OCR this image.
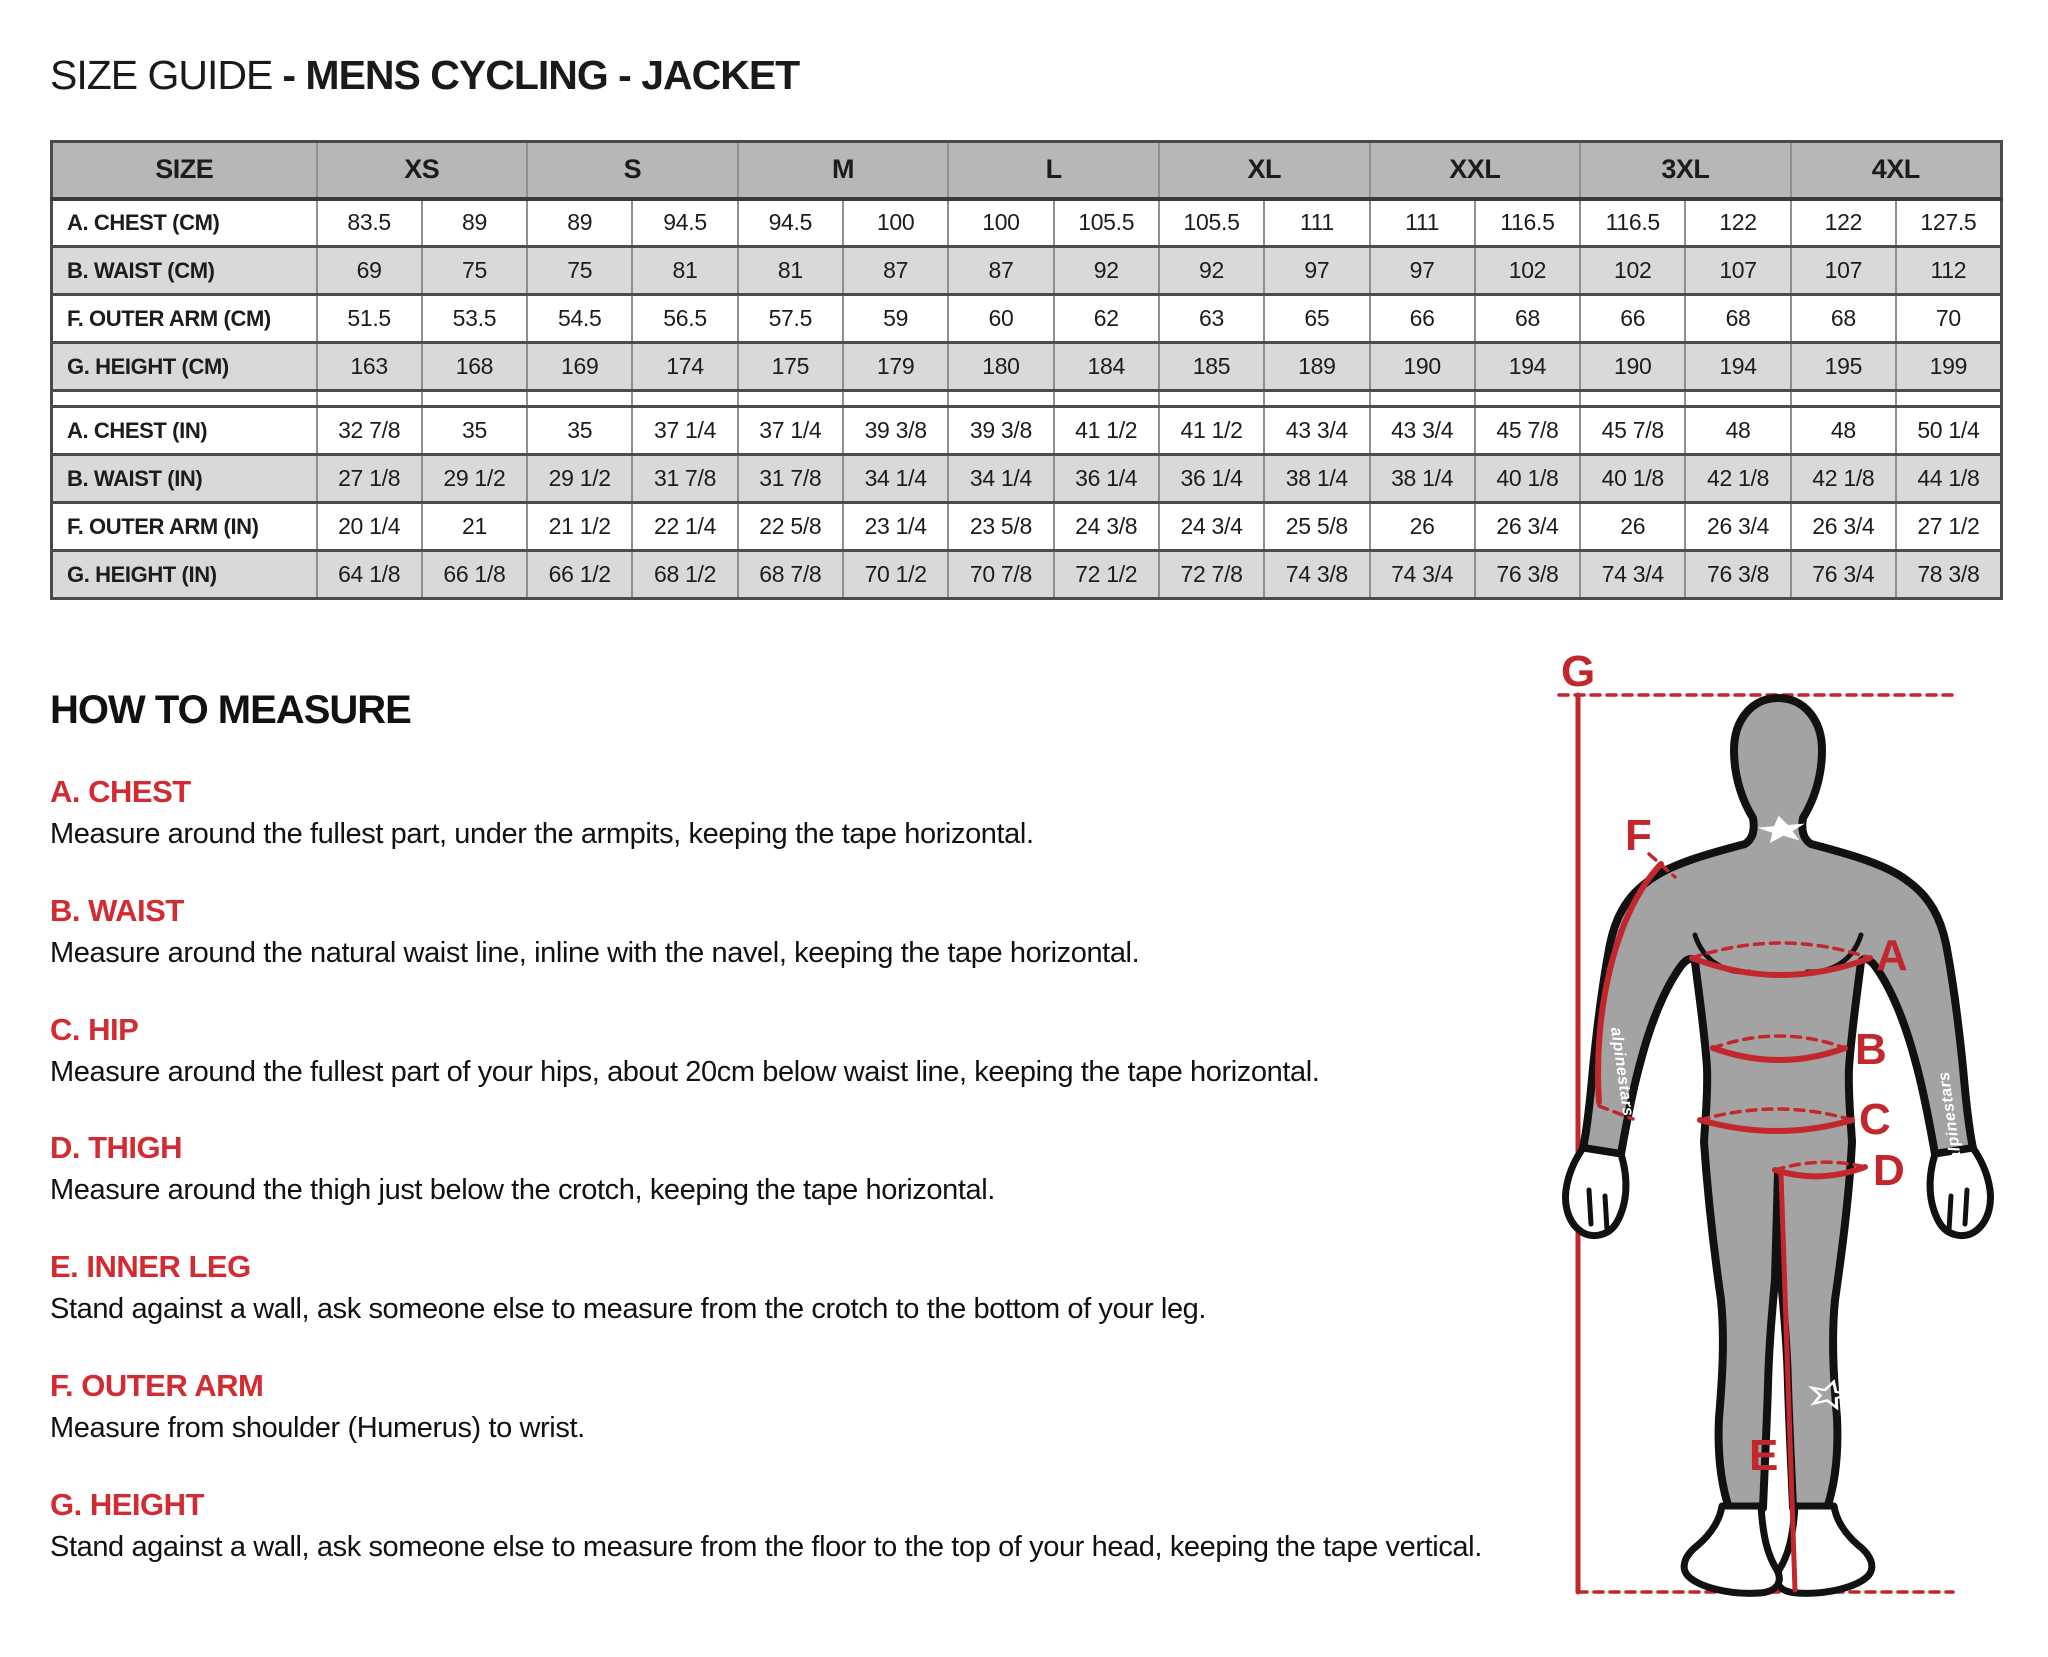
SIZE GUIDE - MENS CYCLING - JACKET
SIZE	XS		S		M		L		XL		XXL		3XL		4XL	
A. CHEST (CM)	83.5	89	89	94.5	94.5	100	100	105.5	105.5	111	111	116.5	116.5	122	122	127.5
B. WAIST (CM)	69	75	75	81	81	87	87	92	92	97	97	102	102	107	107	112
F. OUTER ARM (CM)	51.5	53.5	54.5	56.5	57.5	59	60	62	63	65	66	68	66	68	68	70
G. HEIGHT (CM)	163	168	169	174	175	179	180	184	185	189	190	194	190	194	195	199

A. CHEST (IN)	32 7/8	35	35	37 1/4	37 1/4	39 3/8	39 3/8	41 1/2	41 1/2	43 3/4	43 3/4	45 7/8	45 7/8	48	48	50 1/4
B. WAIST (IN)	27 1/8	29 1/2	29 1/2	31 7/8	31 7/8	34 1/4	34 1/4	36 1/4	36 1/4	38 1/4	38 1/4	40 1/8	40 1/8	42 1/8	42 1/8	44 1/8
F. OUTER ARM (IN)	20 1/4	21	21 1/2	22 1/4	22 5/8	23 1/4	23 5/8	24 3/8	24 3/4	25 5/8	26	26 3/4	26	26 3/4	26 3/4	27 1/2
G. HEIGHT (IN)	64 1/8	66 1/8	66 1/2	68 1/2	68 7/8	70 1/2	70 7/8	72 1/2	72 7/8	74 3/8	74 3/4	76 3/8	74 3/4	76 3/8	76 3/4	78 3/8
HOW TO MEASURE
A. CHEST

Measure around the fullest part, under the armpits, keeping the tape horizontal.

B. WAIST

Measure around the natural waist line, inline with the navel, keeping the tape horizontal.

C. HIP

Measure around the fullest part of your hips, about 20cm below waist line, keeping the tape horizontal.

D. THIGH

Measure around the thigh just below the crotch, keeping the tape horizontal.

E. INNER LEG

Stand against a wall, ask someone else to measure from the crotch to the bottom of your leg.

F. OUTER ARM

Measure from shoulder (Humerus) to wrist.

G. HEIGHT

Stand against a wall, ask someone else to measure from the floor to the top of your head, keeping the tape vertical.

alpinestars	alpinestars
G
F
A
B
C
D
E
